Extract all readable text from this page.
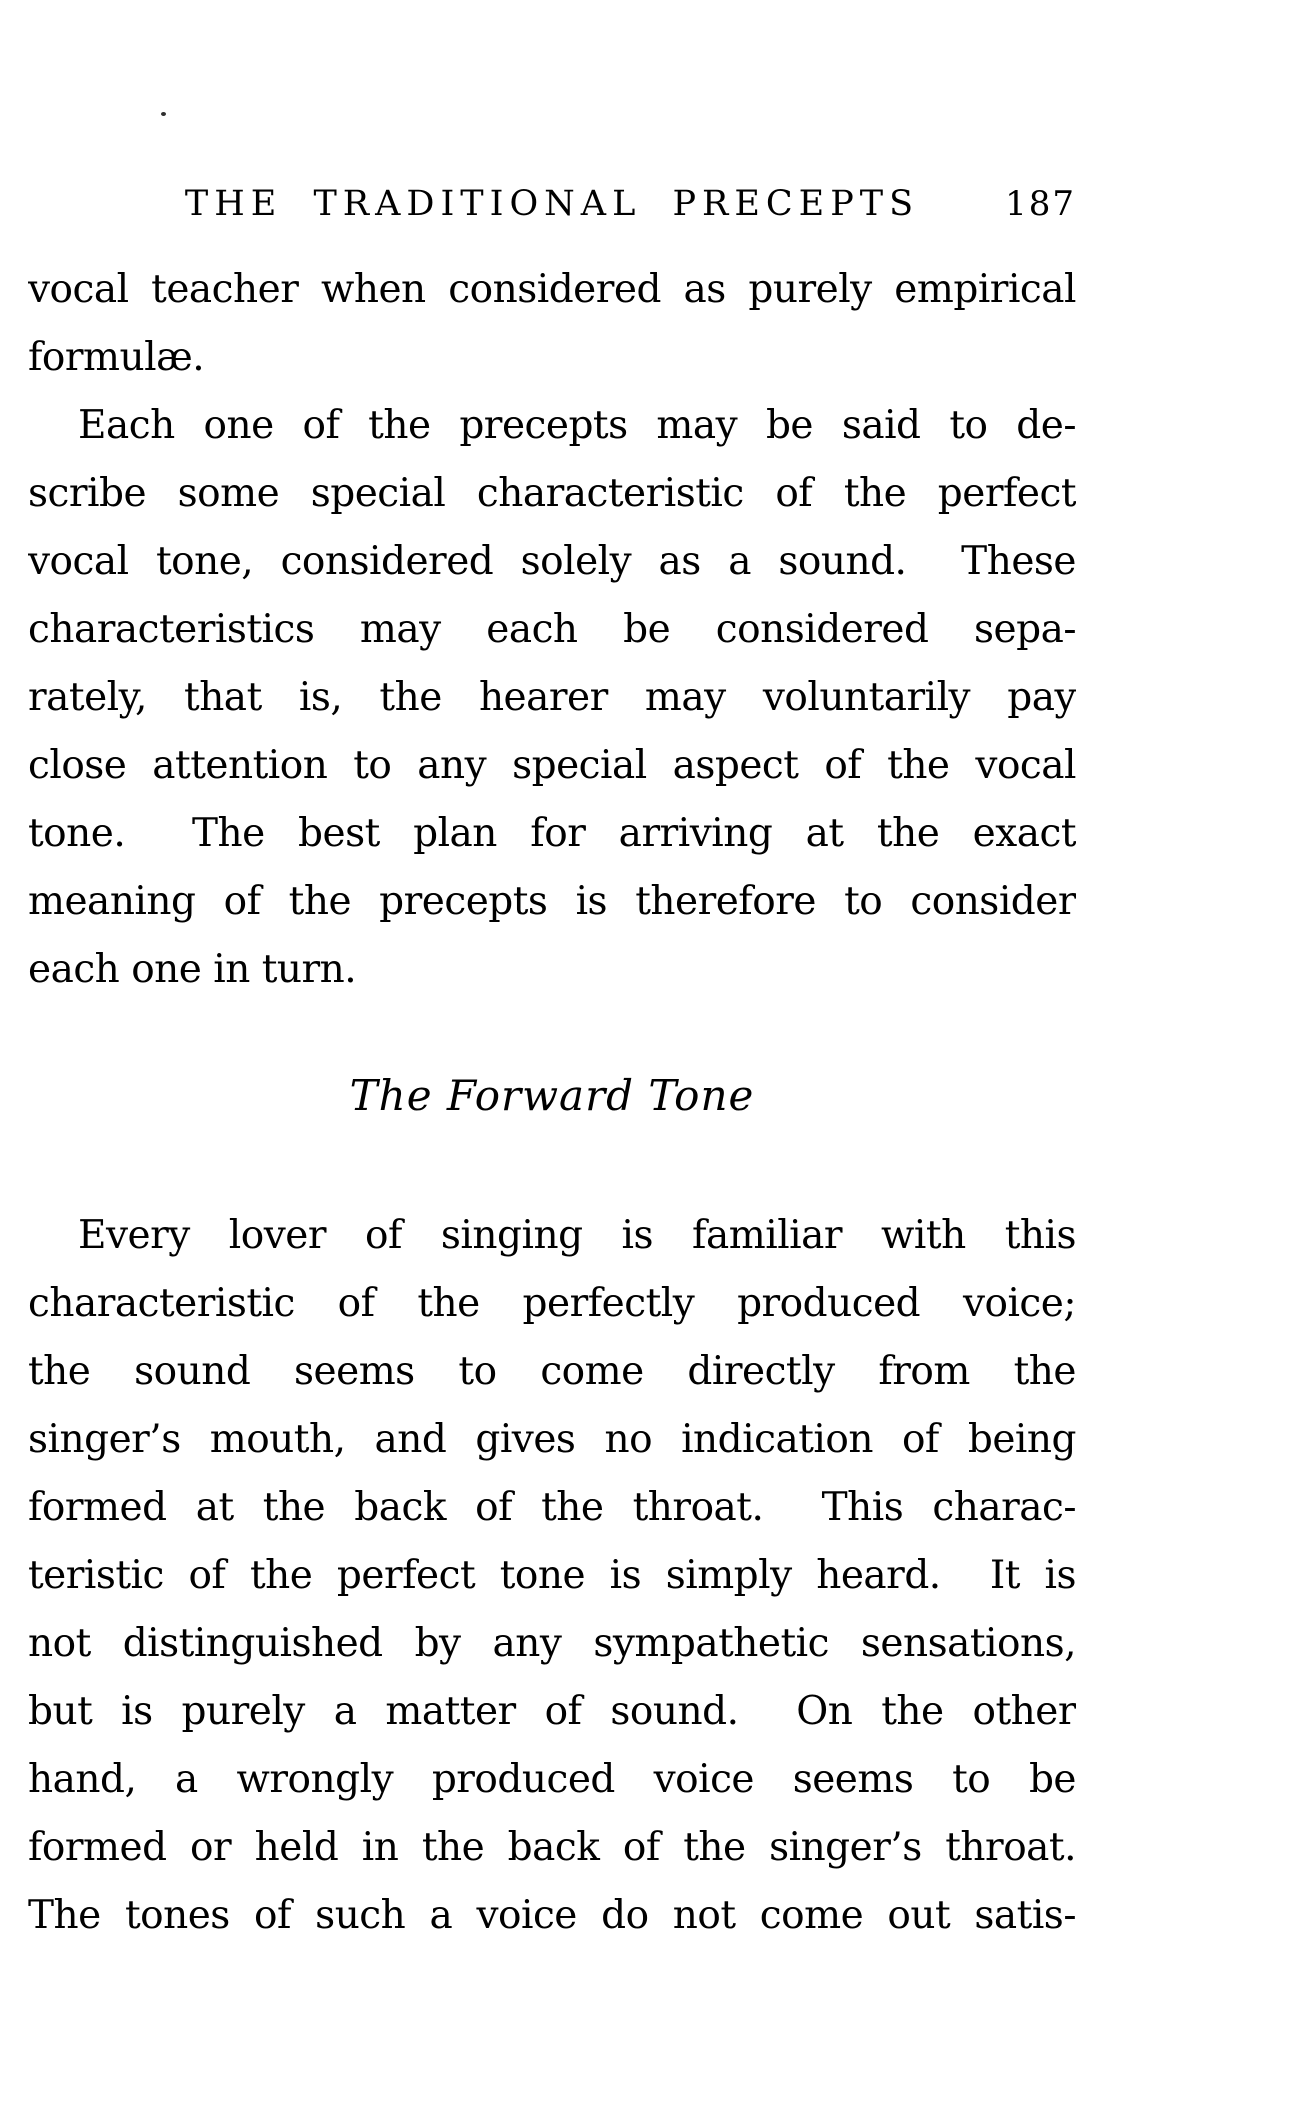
THE TRADITIONAL PRECEPTS	187
vocal teacher when considered as purely empirical
formulæ.
Each one of the precepts may be said to de-
scribe some special characteristic of the perfect
vocal tone, considered solely as a sound.  These
characteristics may each be considered sepa-
rately, that is, the hearer may voluntarily pay
close attention to any special aspect of the vocal
tone.  The best plan for arriving at the exact
meaning of the precepts is therefore to consider
each one in turn.
The Forward Tone
Every lover of singing is familiar with this
characteristic of the perfectly produced voice;
the sound seems to come directly from the
singer’s mouth, and gives no indication of being
formed at the back of the throat.  This charac-
teristic of the perfect tone is simply heard.  It is
not distinguished by any sympathetic sensations,
but is purely a matter of sound.  On the other
hand, a wrongly produced voice seems to be
formed or held in the back of the singer’s throat.
The tones of such a voice do not come out satis-
